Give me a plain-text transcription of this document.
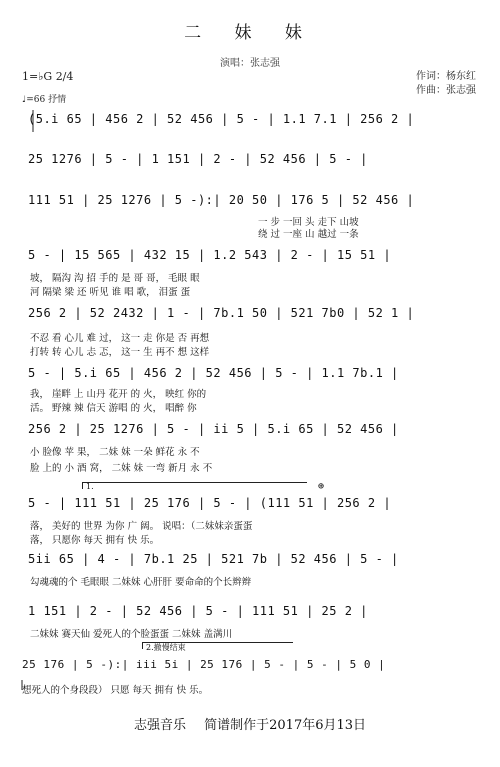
二 妹 妹
演唱：张志强
1=♭G 2/4
♩=66 抒情
作词：杨东红
作曲：张志强
(5.i 65 | 456 2 | 52 456 | 5 - | 1.1 7.1 | 256 2 |
25 1276 | 5 - | 1 151 | 2 - | 52 456 | 5 - |
111 51 | 25 1276 | 5 -):| 20 50 | 176 5 | 52 456 |
一 步 一回 头 走下 山坡
绕 过 一座 山 越过 一条
5 - | 15 565 | 432 15 | 1.2 543 | 2 - | 15 51 |
坡， 隔沟 沟 招 手的 是 哥 哥， 毛眼 眼
河 隔梁 梁 还 听见 谁 唱 歌， 泪蛋 蛋
256 2 | 52 2432 | 1 - | 7b.1 50 | 521 7b0 | 52 1 |
不忍 看 心儿 难 过， 这一 走 你是 否 再想
打转 转 心儿 忐 忑， 这一 生 再不 想 这样
5 - | 5.i 65 | 456 2 | 52 456 | 5 - | 1.1 7b.1 |
我， 崖畔 上 山丹 花开 的 火， 映红 你的
活。 野辣 辣 信天 游唱 的 火， 唱醉 你
256 2 | 25 1276 | 5 - | ii 5 | 5.i 65 | 52 456 |
小 脸像 苹 果， 二妹 妹 一朵 鲜花 永 不
脸 上的 小 酒 窝， 二妹 妹 一弯 新月 永 不
1.	⊕
5 - | 111 51 | 25 176 | 5 - | (111 51 | 256 2 |
落， 美好的 世界 为你 广 阔。 说唱：（二妹妹亲蛋蛋
落， 只愿你 每天 拥有 快 乐。
5ii 65 | 4 - | 7b.1 25 | 521 7b | 52 456 | 5 - |
勾魂魂的个 毛眼眼 二妹妹 心肝肝 要命命的个长辫辫
1 151 | 2 - | 52 456 | 5 - | 111 51 | 25 2 |
二妹妹 赛天仙 爱死人的个脸蛋蛋 二妹妹 盖满川
2.撤慢结束
25 176 | 5 -):| iii 5i | 25 176 | 5 - | 5 - | 5 0 |
想死人的个身段段） 只愿 每天 拥有 快 乐。
志强音乐 简谱制作于2017年6月13日
